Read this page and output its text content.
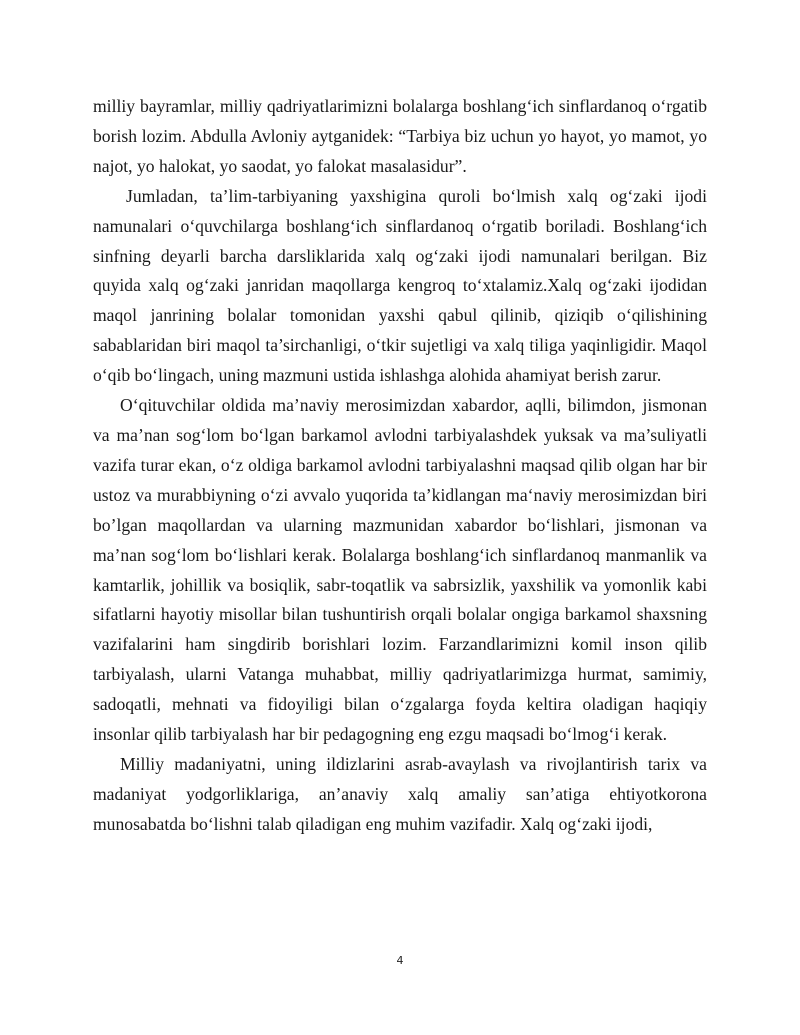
milliy bayramlar, milliy qadriyatlarimizni bolalarga boshlang‘ich sinflardanoq o‘rgatib borish lozim. Abdulla Avloniy aytganidek: “Tarbiya biz uchun yo hayot, yo mamot, yo najot, yo halokat, yo saodat, yo falokat masalasidur”.

Jumladan, ta’lim-tarbiyaning yaxshigina quroli bo‘lmish xalq og‘zaki ijodi namunalari o‘quvchilarga boshlang‘ich sinflardanoq o‘rgatib boriladi. Boshlang‘ich sinfning deyarli barcha darsliklarida xalq og‘zaki ijodi namunalari berilgan. Biz quyida xalq og‘zaki janridan maqollarga kengroq to‘xtalamiz.Xalq og‘zaki ijodidan maqol janrining bolalar tomonidan yaxshi qabul qilinib, qiziqib o‘qilishining sabablaridan biri maqol ta’sirchanligi, o‘tkir sujetligi va xalq tiliga yaqinligidir. Maqol o‘qib bo‘lingach, uning mazmuni ustida ishlashga alohida ahamiyat berish zarur.

O‘qituvchilar oldida ma’naviy merosimizdan xabardor, aqlli, bilimdon, jismonan va ma’nan sog‘lom bo‘lgan barkamol avlodni tarbiyalashdek yuksak va ma’suliyatli vazifa turar ekan, o‘z oldiga barkamol avlodni tarbiyalashni maqsad qilib olgan har bir ustoz va murabbiyning o‘zi avvalo yuqorida ta’kidlangan ma‘naviy merosimizdan biri bo’lgan maqollardan va ularning mazmunidan xabardor bo‘lishlari, jismonan va ma’nan sog‘lom bo‘lishlari kerak. Bolalarga boshlang‘ich sinflardanoq manmanlik va kamtarlik, johillik va bosiqlik, sabr-toqatlik va sabrsizlik, yaxshilik va yomonlik kabi sifatlarni hayotiy misollar bilan tushuntirish orqali bolalar ongiga barkamol shaxsning vazifalarini ham singdirib borishlari lozim. Farzandlarimizni komil inson qilib tarbiyalash, ularni Vatanga muhabbat, milliy qadriyatlarimizga hurmat, samimiy, sadoqatli, mehnati va fidoyiligi bilan o‘zgalarga foyda keltira oladigan haqiqiy insonlar qilib tarbiyalash har bir pedagogning eng ezgu maqsadi bo‘lmog‘i kerak.

Milliy madaniyatni, uning ildizlarini asrab-avaylash va rivojlantirish tarix va madaniyat yodgorliklariga, an’anaviy xalq amaliy san’atiga ehtiyotkorona munosabatda bo‘lishni talab qiladigan eng muhim vazifadir. Xalq og‘zaki ijodi,

4
